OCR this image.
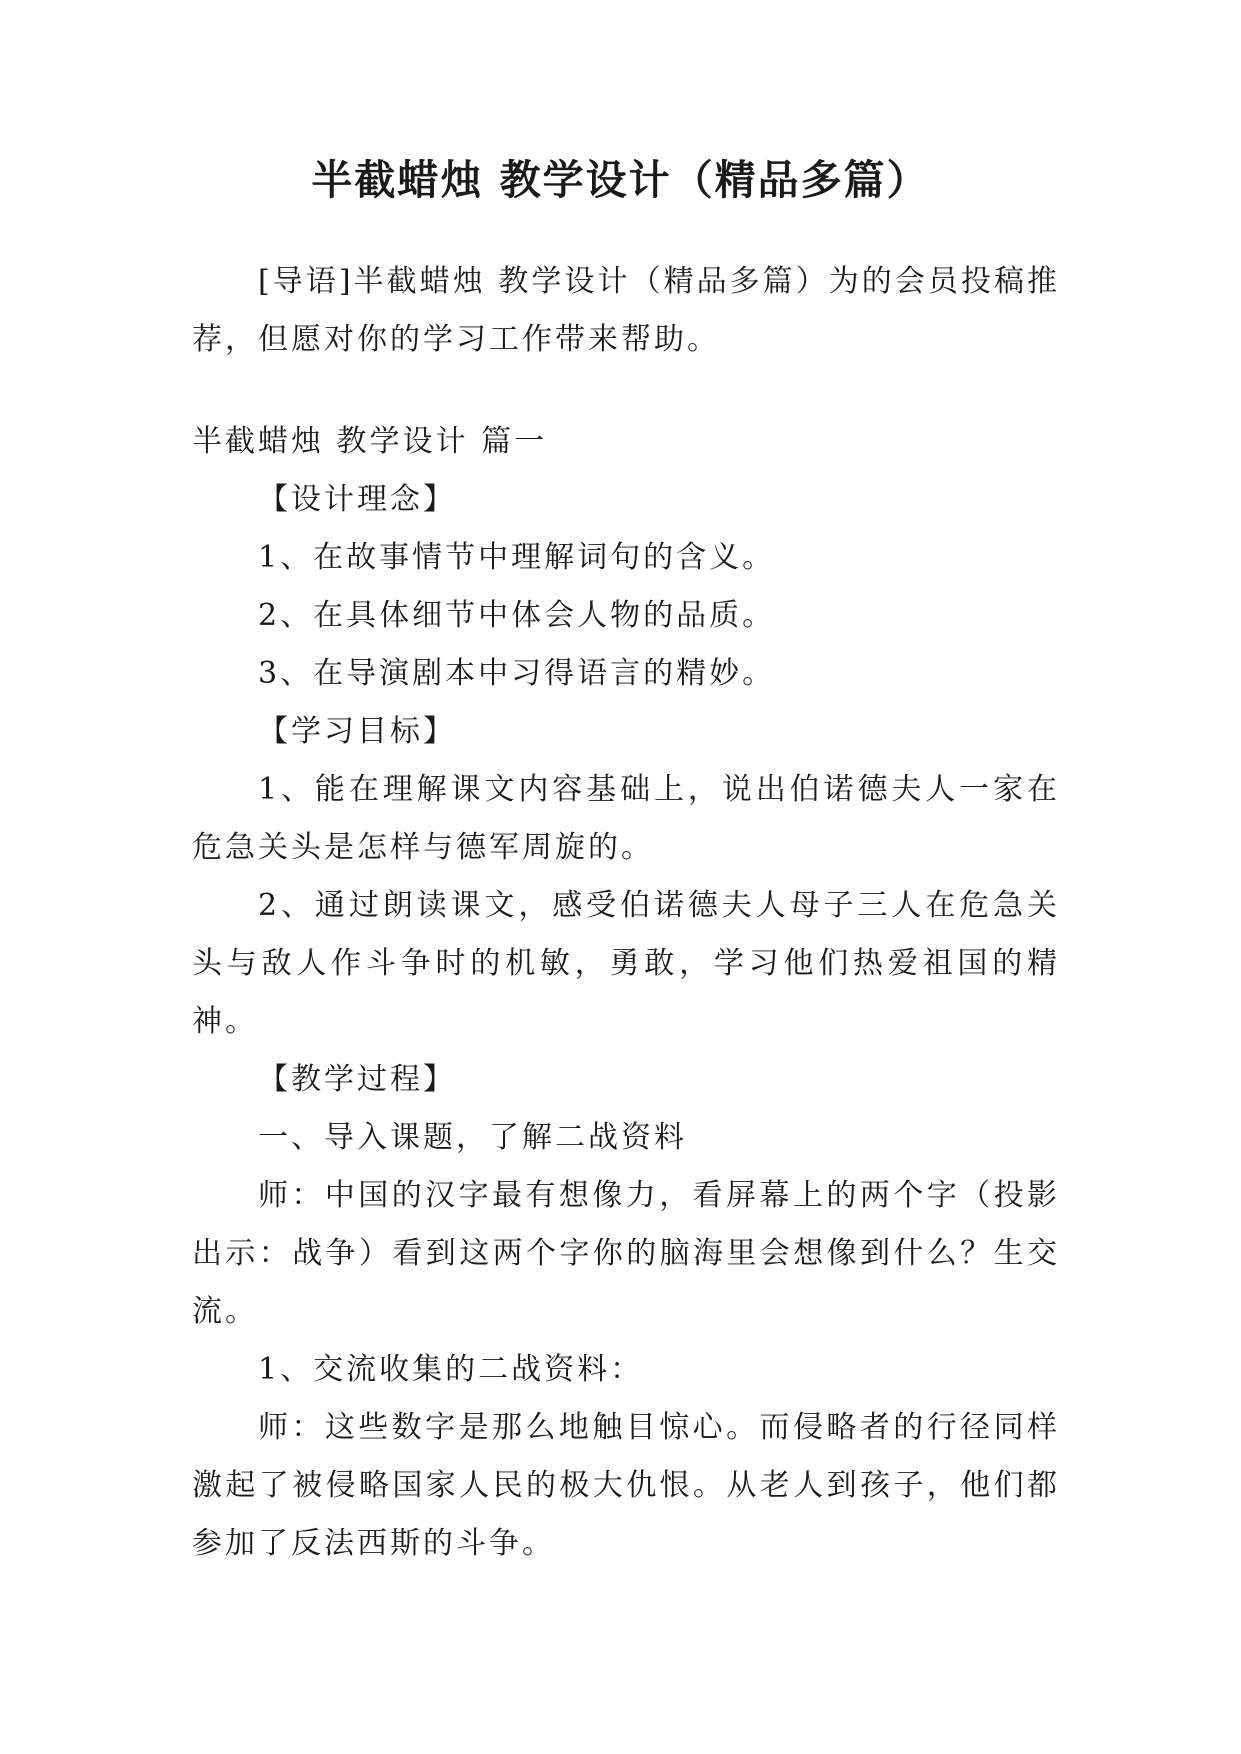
半截蜡烛 教学设计（精品多篇）

[导语]半截蜡烛 教学设计（精品多篇）为的会员投稿推荐，但愿对你的学习工作带来帮助。

半截蜡烛 教学设计 篇一

【设计理念】

1、在故事情节中理解词句的含义。

2、在具体细节中体会人物的品质。

3、在导演剧本中习得语言的精妙。

【学习目标】

1、能在理解课文内容基础上，说出伯诺德夫人一家在危急关头是怎样与德军周旋的。

2、通过朗读课文，感受伯诺德夫人母子三人在危急关头与敌人作斗争时的机敏，勇敢，学习他们热爱祖国的精神。

【教学过程】

一、导入课题，了解二战资料

师：中国的汉字最有想像力，看屏幕上的两个字（投影出示：战争）看到这两个字你的脑海里会想像到什么？生交流。

1、交流收集的二战资料：

师：这些数字是那么地触目惊心。而侵略者的行径同样激起了被侵略国家人民的极大仇恨。从老人到孩子，他们都参加了反法西斯的斗争。
